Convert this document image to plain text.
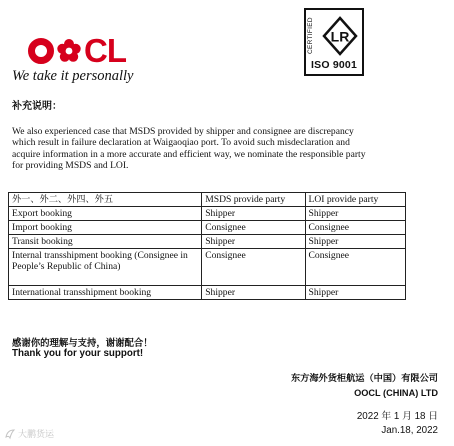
CL
We take it personally
CERTIFIED	LR
ISO 9001
补充说明：

We also experienced case that MSDS provided by shipper and consignee are discrepancy
which result in failure declaration at Waigaoqiao port. To avoid such misdeclaration and
acquire information in a more accurate and efficient way, we nominate the responsible party
for providing MSDS and LOI.

外一、外二、外四、外五	MSDS provide party	LOI provide party
Export booking	Shipper	Shipper
Import booking	Consignee	Consignee
Transit booking	Shipper	Shipper
Internal transshipment booking (Consignee in People’s Republic of China)	Consignee	Consignee
International transshipment booking	Shipper	Shipper
感谢你的理解与支持，谢谢配合！
Thank you for your support!
东方海外货柜航运（中国）有限公司
OOCL (CHINA) LTD
2022 年 1 月 18 日
Jan.18, 2022
大鹏货运
